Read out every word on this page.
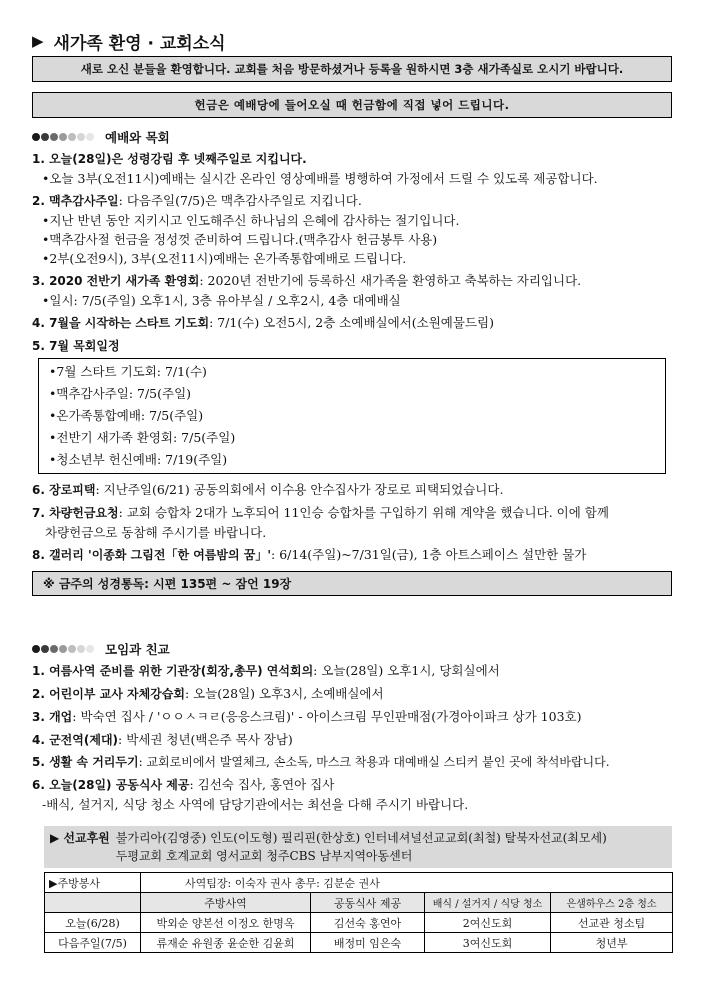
▶ 새가족 환영 · 교회소식
새로 오신 분들을 환영합니다. 교회를 처음 방문하셨거나 등록을 원하시면 3층 새가족실로 오시기 바랍니다.
헌금은 예배당에 들어오실 때 헌금함에 직접 넣어 드립니다.
예배와 목회
1. 오늘(28일)은 성령강림 후 넷째주일로 지킵니다.
•오늘 3부(오전11시)예배는 실시간 온라인 영상예배를 병행하여 가정에서 드릴 수 있도록 제공합니다.
2. 맥추감사주일: 다음주일(7/5)은 맥추감사주일로 지킵니다.
•지난 반년 동안 지키시고 인도해주신 하나님의 은혜에 감사하는 절기입니다.
•맥추감사절 헌금을 정성껏 준비하여 드립니다.(맥추감사 헌금봉투 사용)
•2부(오전9시), 3부(오전11시)예배는 온가족통합예배로 드립니다.
3. 2020 전반기 새가족 환영회: 2020년 전반기에 등록하신 새가족을 환영하고 축복하는 자리입니다.
•일시: 7/5(주일) 오후1시, 3층 유아부실 / 오후2시, 4층 대예배실
4. 7월을 시작하는 스타트 기도회: 7/1(수) 오전5시, 2층 소예배실에서(소원예물드림)
5. 7월 목회일정
•7월 스타트 기도회: 7/1(수)
•맥추감사주일: 7/5(주일)
•온가족통합예배: 7/5(주일)
•전반기 새가족 환영회: 7/5(주일)
•청소년부 헌신예배: 7/19(주일)
6. 장로피택: 지난주일(6/21) 공동의회에서 이수용 안수집사가 장로로 피택되었습니다.
7. 차량헌금요청: 교회 승합차 2대가 노후되어 11인승 승합차를 구입하기 위해 계약을 했습니다. 이에 함께
차량헌금으로 동참해 주시기를 바랍니다.
8. 갤러리 '이종화 그림전「한 여름밤의 꿈」': 6/14(주일)~7/31일(금), 1층 아트스페이스 설만한 물가
※ 금주의 성경통독: 시편 135편 ~ 잠언 19장
모임과 친교
1. 여름사역 준비를 위한 기관장(회장,총무) 연석회의: 오늘(28일) 오후1시, 당회실에서
2. 어린이부 교사 자체강습회: 오늘(28일) 오후3시, 소예배실에서
3. 개업: 박숙연 집사 / 'ㅇㅇㅅㅋㄹ(응응스크림)' - 아이스크림 무인판매점(가경아이파크 상가 103호)
4. 군전역(제대): 박세권 청년(백은주 목사 장남)
5. 생활 속 거리두기: 교회로비에서 발열체크, 손소독, 마스크 착용과 대예배실 스티커 붙인 곳에 착석바랍니다.
6. 오늘(28일) 공동식사 제공: 김선숙 집사, 홍연아 집사
-배식, 설거지, 식당 청소 사역에 담당기관에서는 최선을 다해 주시기 바랍니다.
▶ 선교후원 불가리아(김영중) 인도(이도형) 필리핀(한상호) 인터네셔널선교교회(최철) 탈북자선교(최모세)
두평교회 호계교회 영서교회 청주CBS 남부지역아동센터
▶주방봉사	사역팀장: 이숙자 권사 총무: 김분순 권사			
	주방사역	공동식사 제공	배식 / 설거지 / 식당 청소	은샘하우스 2층 청소
오늘(6/28)	박외순 양본선 이정오 한명옥	김선숙 홍연아	2여신도회	선교관 청소팀
다음주일(7/5)	류재순 유원종 윤순한 김윤희	배정미 임은숙	3여신도회	청년부
